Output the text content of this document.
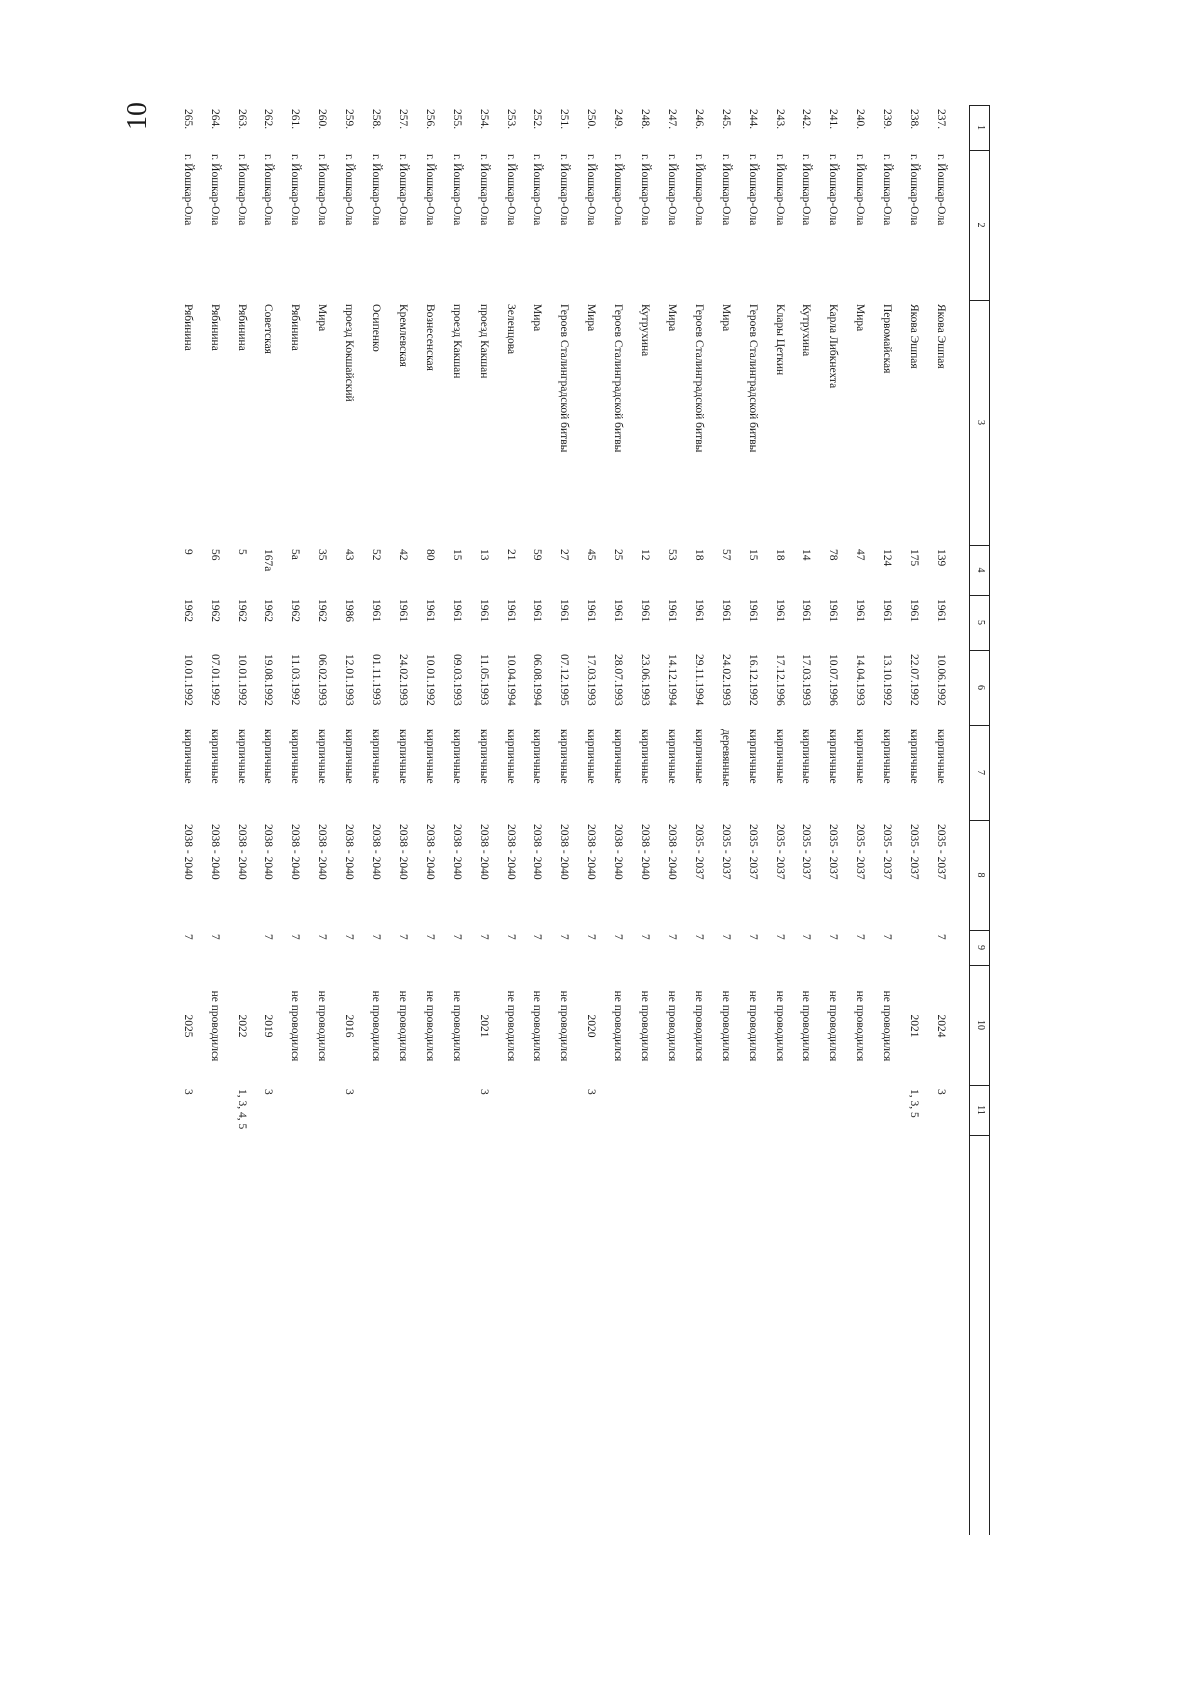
10	1
2
3
4
5
6
7
8
9
10
11
237.
г. Йошкар-Ола
Якова Эшпая
139
1961
10.06.1992
кирпичные
2035 - 2037
7
2024
3
238.
г. Йошкар-Ола
Якова Эшпая
175
1961
22.07.1992
кирпичные
2035 - 2037
2021
1, 3, 5
239.
г. Йошкар-Ола
Первомайская
124
1961
13.10.1992
кирпичные
2035 - 2037
7
не проводился
240.
г. Йошкар-Ола
Мира
47
1961
14.04.1993
кирпичные
2035 - 2037
7
не проводился
241.
г. Йошкар-Ола
Карла Либкнехта
78
1961
10.07.1996
кирпичные
2035 - 2037
7
не проводился
242.
г. Йошкар-Ола
Кутрухина
14
1961
17.03.1993
кирпичные
2035 - 2037
7
не проводился
243.
г. Йошкар-Ола
Клары Цеткин
18
1961
17.12.1996
кирпичные
2035 - 2037
7
не проводился
244.
г. Йошкар-Ола
Героев Сталинградской битвы
15
1961
16.12.1992
кирпичные
2035 - 2037
7
не проводился
245.
г. Йошкар-Ола
Мира
57
1961
24.02.1993
деревянные
2035 - 2037
7
не проводился
246.
г. Йошкар-Ола
Героев Сталинградской битвы
18
1961
29.11.1994
кирпичные
2035 - 2037
7
не проводился
247.
г. Йошкар-Ола
Мира
53
1961
14.12.1994
кирпичные
2038 - 2040
7
не проводился
248.
г. Йошкар-Ола
Кутрухина
12
1961
23.06.1993
кирпичные
2038 - 2040
7
не проводился
249.
г. Йошкар-Ола
Героев Сталинградской битвы
25
1961
28.07.1993
кирпичные
2038 - 2040
7
не проводился
250.
г. Йошкар-Ола
Мира
45
1961
17.03.1993
кирпичные
2038 - 2040
7
2020
3
251.
г. Йошкар-Ола
Героев Сталинградской битвы
27
1961
07.12.1995
кирпичные
2038 - 2040
7
не проводился
252.
г. Йошкар-Ола
Мира
59
1961
06.08.1994
кирпичные
2038 - 2040
7
не проводился
253.
г. Йошкар-Ола
Зеленцова
21
1961
10.04.1994
кирпичные
2038 - 2040
7
не проводился
254.
г. Йошкар-Ола
проезд Какшан
13
1961
11.05.1993
кирпичные
2038 - 2040
7
2021
3
255.
г. Йошкар-Ола
проезд Какшан
15
1961
09.03.1993
кирпичные
2038 - 2040
7
не проводился
256.
г. Йошкар-Ола
Вознесенская
80
1961
10.01.1992
кирпичные
2038 - 2040
7
не проводился
257.
г. Йошкар-Ола
Кремлевская
42
1961
24.02.1993
кирпичные
2038 - 2040
7
не проводился
258.
г. Йошкар-Ола
Осипенко
52
1961
01.11.1993
кирпичные
2038 - 2040
7
не проводился
259.
г. Йошкар-Ола
проезд Кокшайский
43
1986
12.01.1993
кирпичные
2038 - 2040
7
2016
3
260.
г. Йошкар-Ола
Мира
35
1962
06.02.1993
кирпичные
2038 - 2040
7
не проводился
261.
г. Йошкар-Ола
Рябинина
5а
1962
11.03.1992
кирпичные
2038 - 2040
7
не проводился
262.
г. Йошкар-Ола
Советская
167а
1962
19.08.1992
кирпичные
2038 - 2040
7
2019
3
263.
г. Йошкар-Ола
Рябинина
5
1962
10.01.1992
кирпичные
2038 - 2040
2022
1, 3, 4, 5
264.
г. Йошкар-Ола
Рябинина
56
1962
07.01.1992
кирпичные
2038 - 2040
7
не проводился
265.
г. Йошкар-Ола
Рябинина
9
1962
10.01.1992
кирпичные
2038 - 2040
7
2025
3
